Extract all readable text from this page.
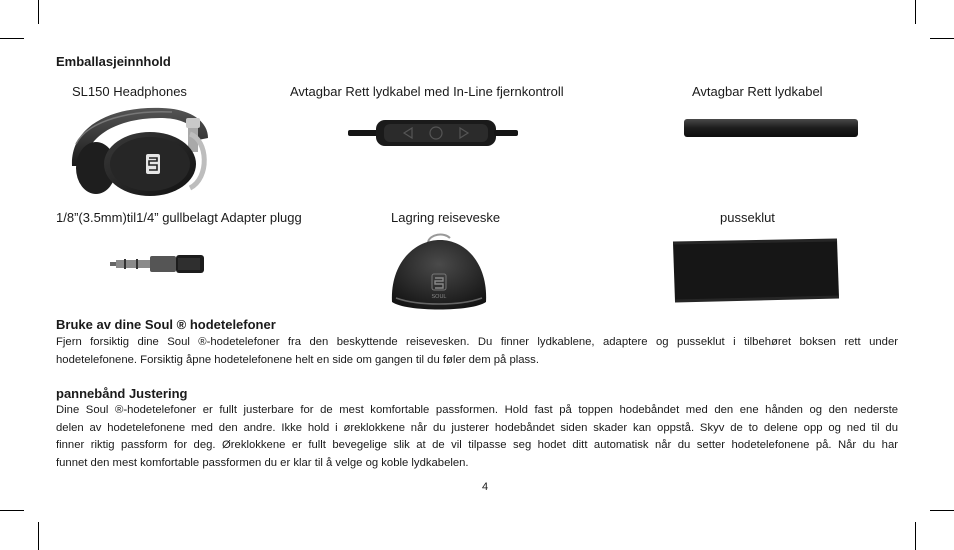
Emballasjeinnhold
SL150 Headphones	Avtagbar Rett lydkabel med In-Line fjernkontroll	Avtagbar Rett lydkabel
1/8”(3.5mm)til1/4” gullbelagt Adapter plugg	Lagring reiseveske	pusseklut
SOUL
Bruke av dine Soul ® hodetelefoner
Fjern forsiktig dine Soul ®-hodetelefoner fra den beskyttende reisevesken. Du finner lydkablene, adaptere og pusseklut i tilbehøret boksen rett under
hodetelefonene. Forsiktig åpne hodetelefonene helt en side om gangen til du føler dem på plass.
pannebånd Justering
Dine Soul ®-hodetelefoner er fullt justerbare for de mest komfortable passformen. Hold fast på toppen hodebåndet med den ene hånden og den nederste
delen av hodetelefonene med den andre. Ikke hold i øreklokkene når du justerer hodebåndet siden skader kan oppstå. Skyv de to delene opp og ned til du
finner riktig passform for deg. Øreklokkene er fullt bevegelige slik at de vil tilpasse seg hodet ditt automatisk når du setter hodetelefonene på. Når du har
funnet den mest komfortable passformen du er klar til å velge og koble lydkabelen.
4
